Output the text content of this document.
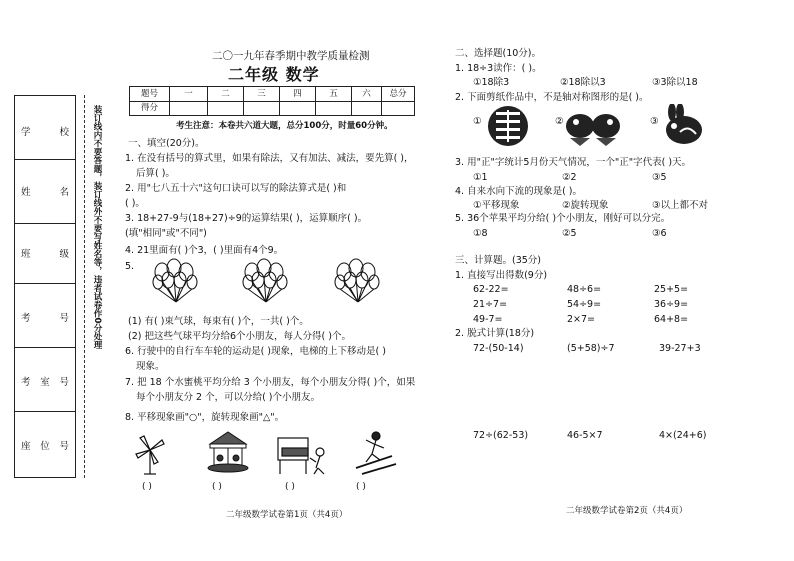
学	校
姓	名
班	级
考	号
考 室 号
座 位 号
装订线内不要答题，装订线外不要写姓名等，违者试卷作0分处理
二〇一九年春季期中教学质量检测
二年级 数学
题号	一	二	三	四	五	六	总分
得分
考生注意：本卷共六道大题，总分100分，时量60分钟。
一、填空(20分)。
1. 在没有括号的算式里，如果有除法，又有加法、减法，要先算( )，
后算( )。
2. 用"七八五十六"这句口诀可以写的除法算式是( )和
( )。
3. 18+27-9与(18+27)÷9的运算结果( )，运算顺序( )。
(填"相同"或"不同")
4. 21里面有( )个3，( )里面有4个9。
5.
(1) 有( )束气球，每束有( )个，一共( )个。
(2) 把这些气球平均分给6个小朋友，每人分得( )个。
6. 行驶中的自行车车轮的运动是( )现象，电梯的上下移动是( )
现象。
7. 把 18 个水蜜桃平均分给 3 个小朋友，每个小朋友分得( )个，如果
每个小朋友分 2 个，可以分给( )个小朋友。
8. 平移现象画"○"，旋转现象画"△"。
( )	( )	( )	( )
二年级数学试卷第1页（共4页）
二、选择题(10分)。
1. 18÷3读作：( )。
①18除3	②18除以3	③3除以18
2. 下面剪纸作品中，不是轴对称图形的是( )。
①	②	③
3. 用"正"字统计5月份天气情况，一个"正"字代表( )天。
①1	②2	③5
4. 自来水向下流的现象是( )。
①平移现象	②旋转现象	③以上都不对
5. 36个苹果平均分给( )个小朋友，刚好可以分完。
①8	②5	③6
三、计算题。(35分)
1. 直接写出得数(9分)
62-22=	48÷6=	25+5=
21÷7=	54÷9=	36÷9=
49-7=	2×7=	64+8=
2. 脱式计算(18分)
72-(50-14)	(5+58)÷7	39-27+3
72÷(62-53)	46-5×7	4×(24+6)
二年级数学试卷第2页（共4页）
